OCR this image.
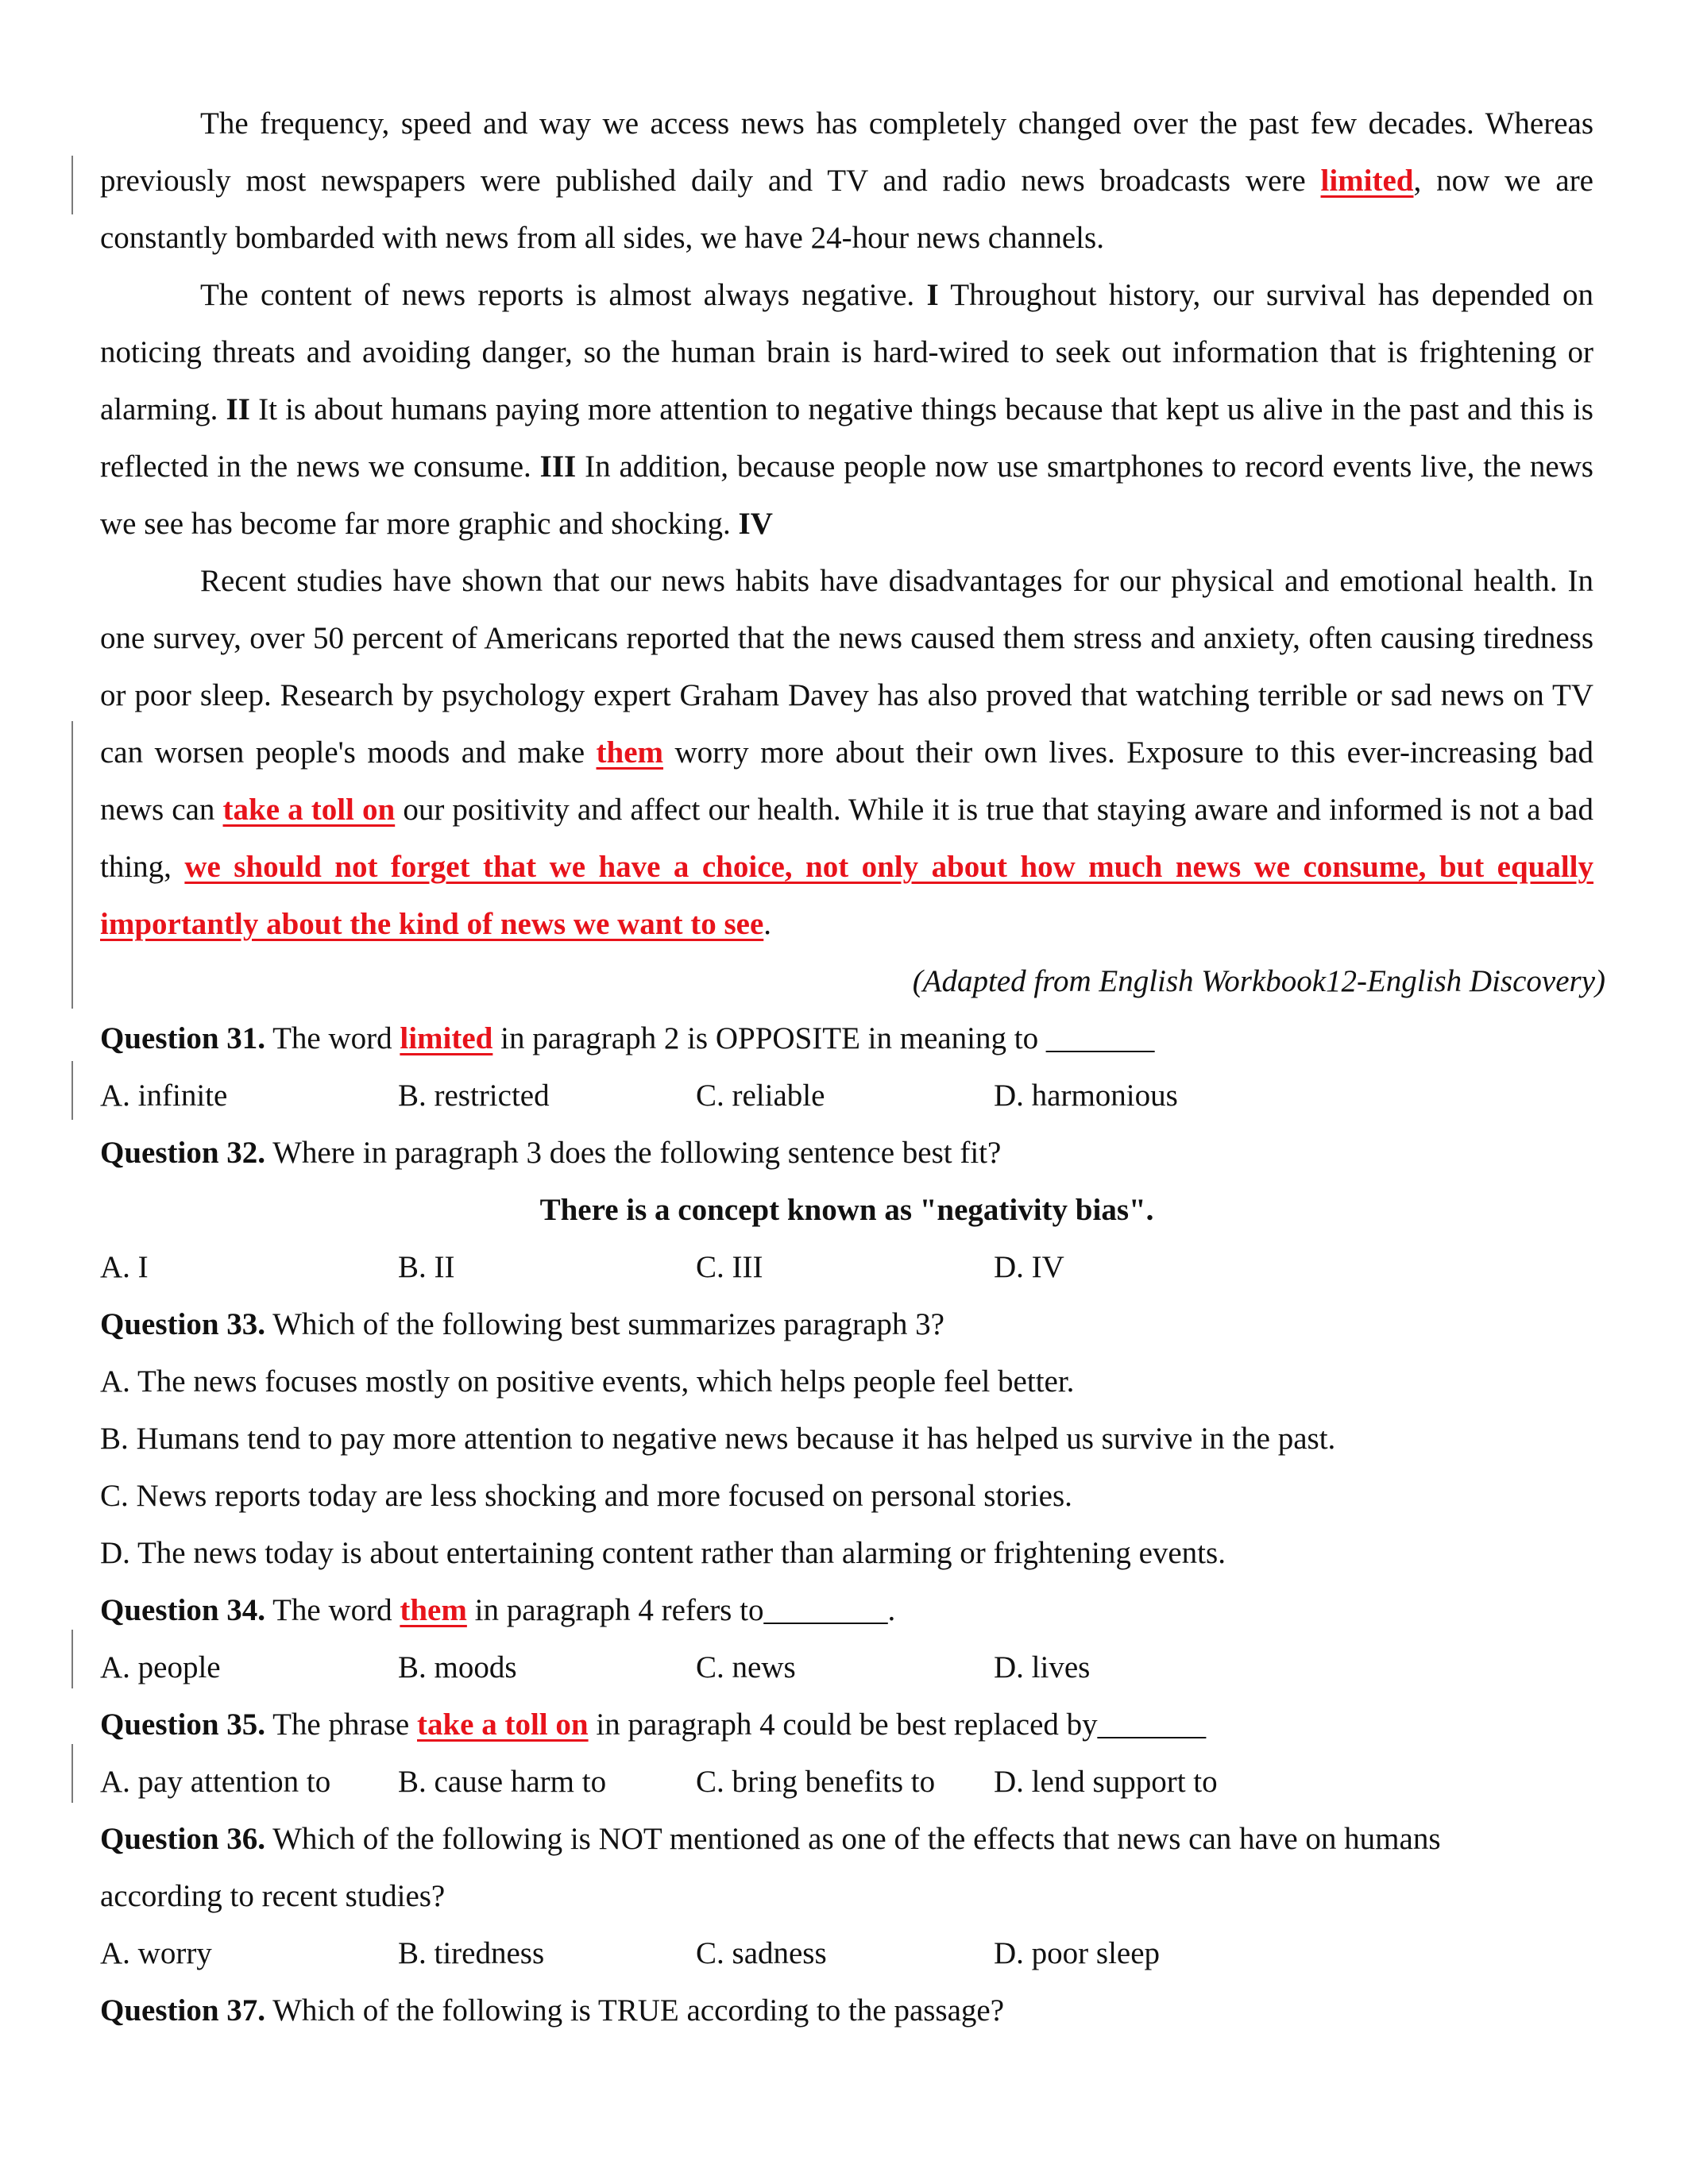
The frequency, speed and way we access news has completely changed over the past few decades. Whereas previously most newspapers were published daily and TV and radio news broadcasts were limited, now we are constantly bombarded with news from all sides, we have 24-hour news channels.

The content of news reports is almost always negative. I Throughout history, our survival has depended on noticing threats and avoiding danger, so the human brain is hard-wired to seek out information that is frightening or alarming. II It is about humans paying more attention to negative things because that kept us alive in the past and this is reflected in the news we consume. III In addition, because people now use smartphones to record events live, the news we see has become far more graphic and shocking. IV

Recent studies have shown that our news habits have disadvantages for our physical and emotional health. In one survey, over 50 percent of Americans reported that the news caused them stress and anxiety, often causing tiredness or poor sleep. Research by psychology expert Graham Davey has also proved that watching terrible or sad news on TV can worsen people's moods and make them worry more about their own lives. Exposure to this ever-increasing bad news can take a toll on our positivity and affect our health. While it is true that staying aware and informed is not a bad thing, we should not forget that we have a choice, not only about how much news we consume, but equally importantly about the kind of news we want to see.

(Adapted from English Workbook12-English Discovery)
Question 31. The word limited in paragraph 2 is OPPOSITE in meaning to _______
A. infinite	B. restricted	C. reliable	D. harmonious
Question 32. Where in paragraph 3 does the following sentence best fit?
There is a concept known as "negativity bias".
A. I	B. II	C. III	D. IV
Question 33. Which of the following best summarizes paragraph 3?
A. The news focuses mostly on positive events, which helps people feel better.
B. Humans tend to pay more attention to negative news because it has helped us survive in the past.
C. News reports today are less shocking and more focused on personal stories.
D. The news today is about entertaining content rather than alarming or frightening events.
Question 34. The word them in paragraph 4 refers to________.
A. people	B. moods	C. news	D. lives
Question 35. The phrase take a toll on in paragraph 4 could be best replaced by_______
A. pay attention to	B. cause harm to	C. bring benefits to	D. lend support to
Question 36. Which of the following is NOT mentioned as one of the effects that news can have on humans
according to recent studies?
A. worry	B. tiredness	C. sadness	D. poor sleep
Question 37. Which of the following is TRUE according to the passage?
